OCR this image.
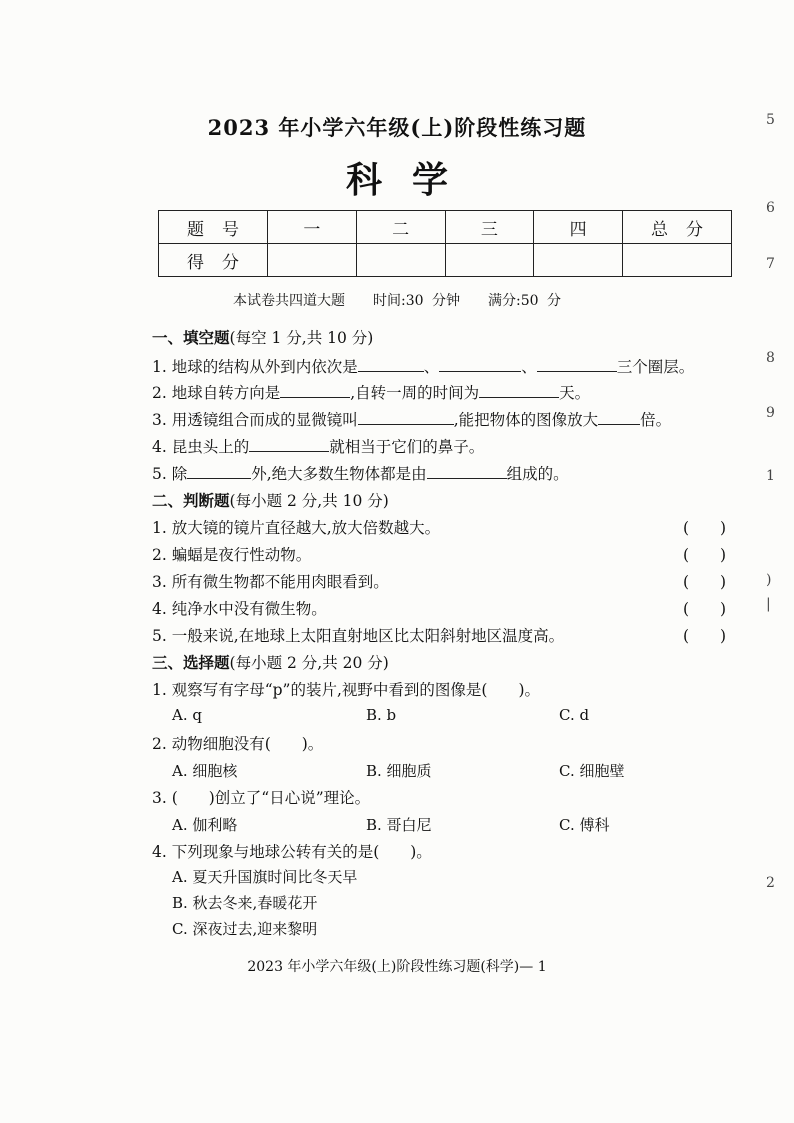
2023 年小学六年级(上)阶段性练习题
科学
题号	一	二	三	四	总分
得分					
本试卷共四道大题　　时间:30 分钟　　满分:50 分
一、填空题(每空 1 分,共 10 分)
1. 地球的结构从外到内依次是	、	、	三个圈层。
2. 地球自转方向是	,自转一周的时间为	天。
3. 用透镜组合而成的显微镜叫	,能把物体的图像放大	倍。
4. 昆虫头上的	就相当于它们的鼻子。
5. 除	外,绝大多数生物体都是由	组成的。
二、判断题(每小题 2 分,共 10 分)
1. 放大镜的镜片直径越大,放大倍数越大。	(　　)
2. 蝙蝠是夜行性动物。	(　　)
3. 所有微生物都不能用肉眼看到。	(　　)
4. 纯净水中没有微生物。	(　　)
5. 一般来说,在地球上太阳直射地区比太阳斜射地区温度高。	(　　)
三、选择题(每小题 2 分,共 20 分)
1. 观察写有字母“p”的装片,视野中看到的图像是(　　)。
A. q	B. b	C. d
2. 动物细胞没有(　　)。
A. 细胞核	B. 细胞质	C. 细胞壁
3. (　　)创立了“日心说”理论。
A. 伽利略	B. 哥白尼	C. 傅科
4. 下列现象与地球公转有关的是(　　)。
A. 夏天升国旗时间比冬天早
B. 秋去冬来,春暖花开
C. 深夜过去,迎来黎明
2023 年小学六年级(上)阶段性练习题(科学)— 1
5
6
7
8
9
1
)
|
2
